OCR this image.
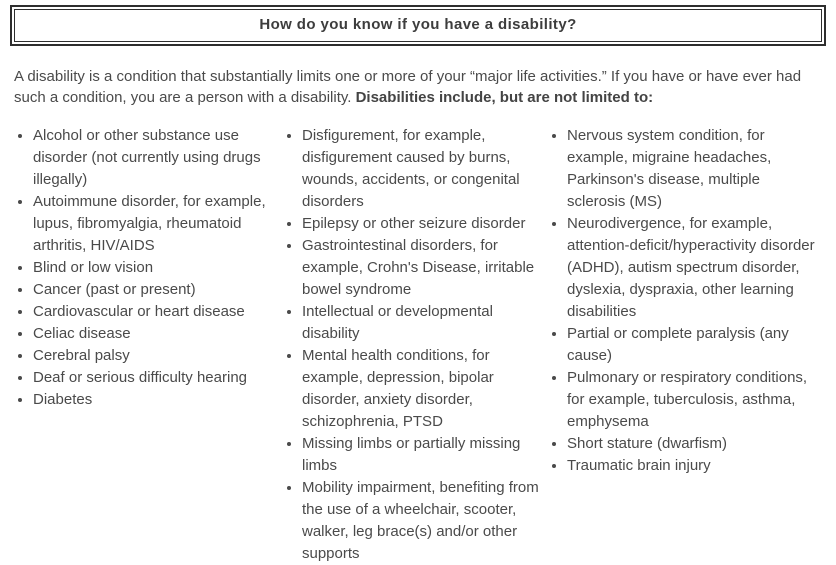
How do you know if you have a disability?

A disability is a condition that substantially limits one or more of your “major life activities.” If you have or have ever had such a condition, you are a person with a disability. Disabilities include, but are not limited to:

• Alcohol or other substance use disorder (not currently using drugs illegally)
• Autoimmune disorder, for example, lupus, fibromyalgia, rheumatoid arthritis, HIV/AIDS
• Blind or low vision
• Cancer (past or present)
• Cardiovascular or heart disease
• Celiac disease
• Cerebral palsy
• Deaf or serious difficulty hearing
• Diabetes
• Disfigurement, for example, disfigurement caused by burns, wounds, accidents, or congenital disorders
• Epilepsy or other seizure disorder
• Gastrointestinal disorders, for example, Crohn's Disease, irritable bowel syndrome
• Intellectual or developmental disability
• Mental health conditions, for example, depression, bipolar disorder, anxiety disorder, schizophrenia, PTSD
• Missing limbs or partially missing limbs
• Mobility impairment, benefiting from the use of a wheelchair, scooter, walker, leg brace(s) and/or other supports
• Nervous system condition, for example, migraine headaches, Parkinson's disease, multiple sclerosis (MS)
• Neurodivergence, for example, attention-deficit/hyperactivity disorder (ADHD), autism spectrum disorder, dyslexia, dyspraxia, other learning disabilities
• Partial or complete paralysis (any cause)
• Pulmonary or respiratory conditions, for example, tuberculosis, asthma, emphysema
• Short stature (dwarfism)
• Traumatic brain injury
